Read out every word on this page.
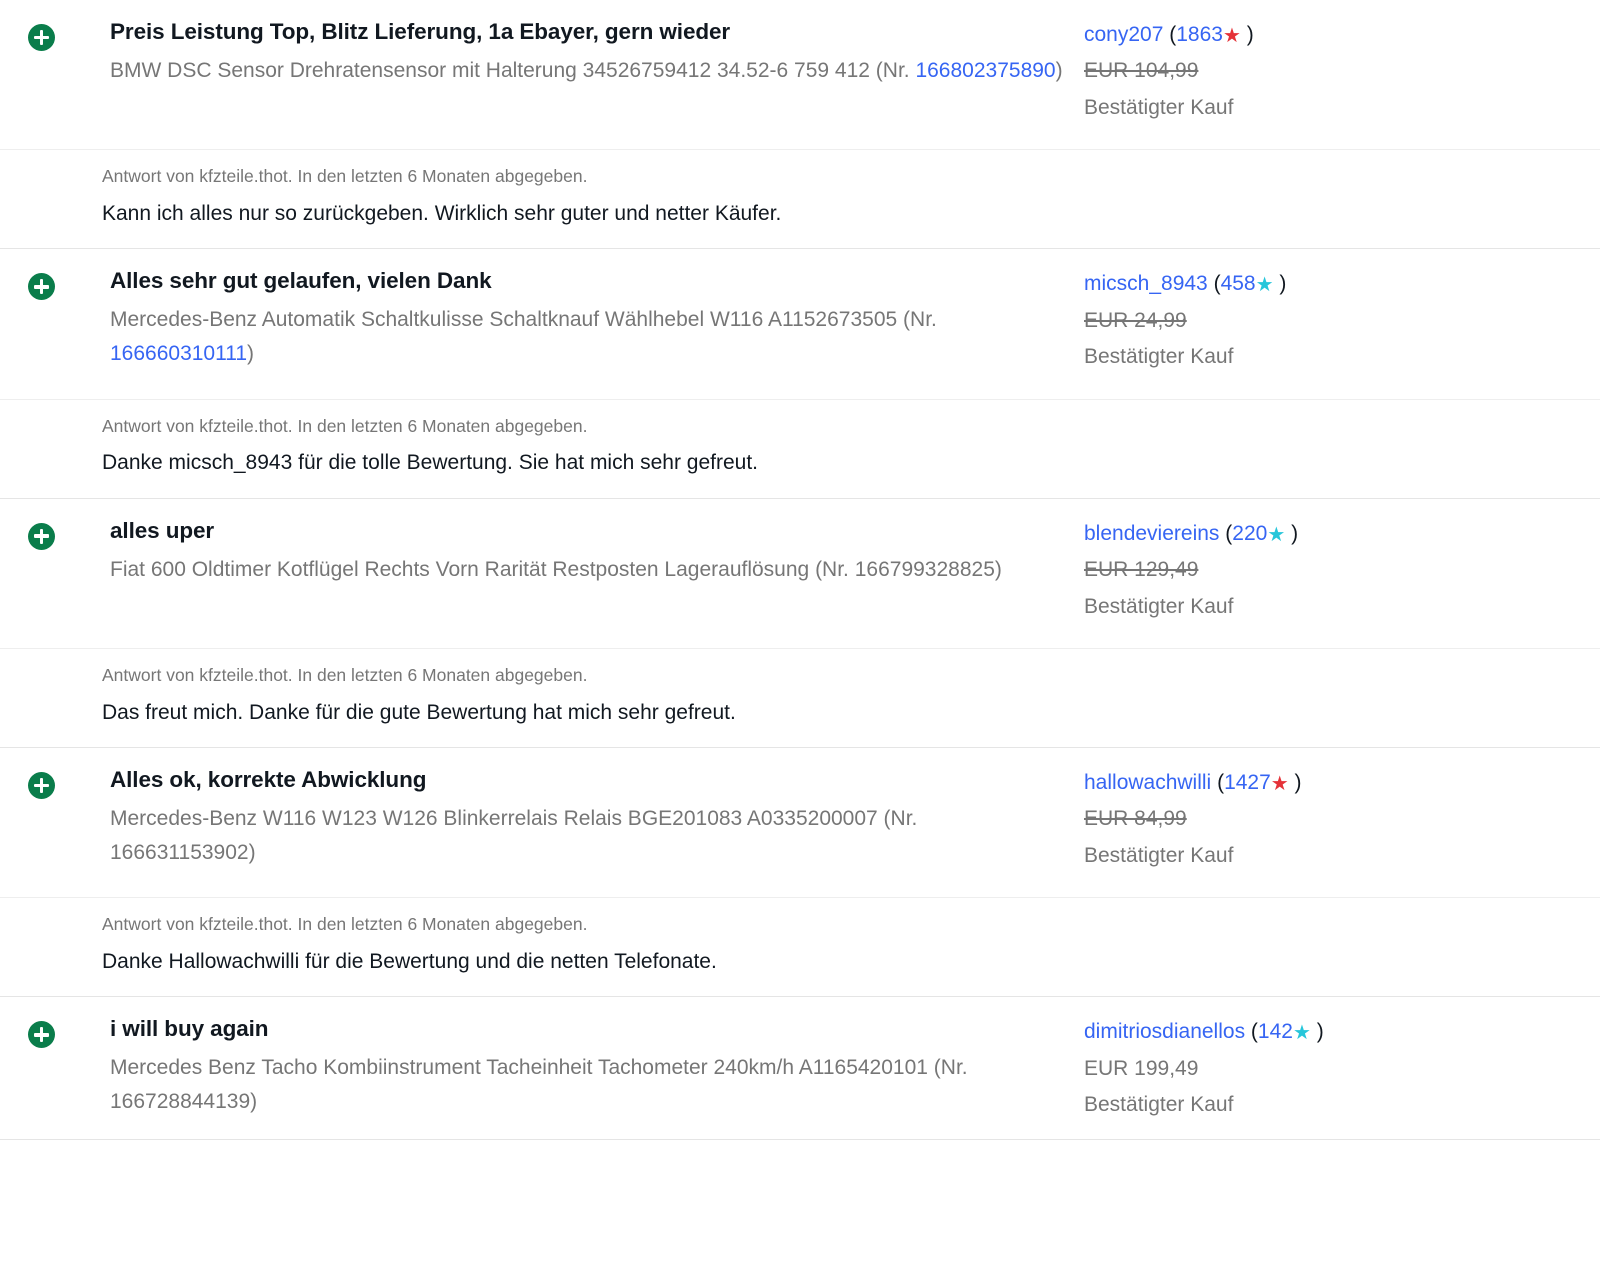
Preis Leistung Top, Blitz Lieferung, 1a Ebayer, gern wieder
BMW DSC Sensor Drehratensensor mit Halterung 34526759412 34.52-6 759 412 (Nr. 166802375890)
cony207 (1863★ )
EUR 104,99
Bestätigter Kauf
Antwort von kfzteile.thot. In den letzten 6 Monaten abgegeben.
Kann ich alles nur so zurückgeben. Wirklich sehr guter und netter Käufer.
Alles sehr gut gelaufen, vielen Dank
Mercedes-Benz Automatik Schaltkulisse Schaltknauf Wählhebel W116 A1152673505 (Nr. 166660310111)
micsch_8943 (458★ )
EUR 24,99
Bestätigter Kauf
Antwort von kfzteile.thot. In den letzten 6 Monaten abgegeben.
Danke micsch_8943 für die tolle Bewertung. Sie hat mich sehr gefreut.
alles uper
Fiat 600 Oldtimer Kotflügel Rechts Vorn Rarität Restposten Lagerauflösung (Nr. 166799328825)
blendeviereins (220★ )
EUR 129,49
Bestätigter Kauf
Antwort von kfzteile.thot. In den letzten 6 Monaten abgegeben.
Das freut mich. Danke für die gute Bewertung hat mich sehr gefreut.
Alles ok, korrekte Abwicklung
Mercedes-Benz W116 W123 W126 Blinkerrelais Relais BGE201083 A0335200007 (Nr. 166631153902)
hallowachwilli (1427★ )
EUR 84,99
Bestätigter Kauf
Antwort von kfzteile.thot. In den letzten 6 Monaten abgegeben.
Danke Hallowachwilli für die Bewertung und die netten Telefonate.
i will buy again
Mercedes Benz Tacho Kombiinstrument Tacheinheit Tachometer 240km/h A1165420101 (Nr. 166728844139)
dimitriosdianellos (142★ )
EUR 199,49
Bestätigter Kauf
